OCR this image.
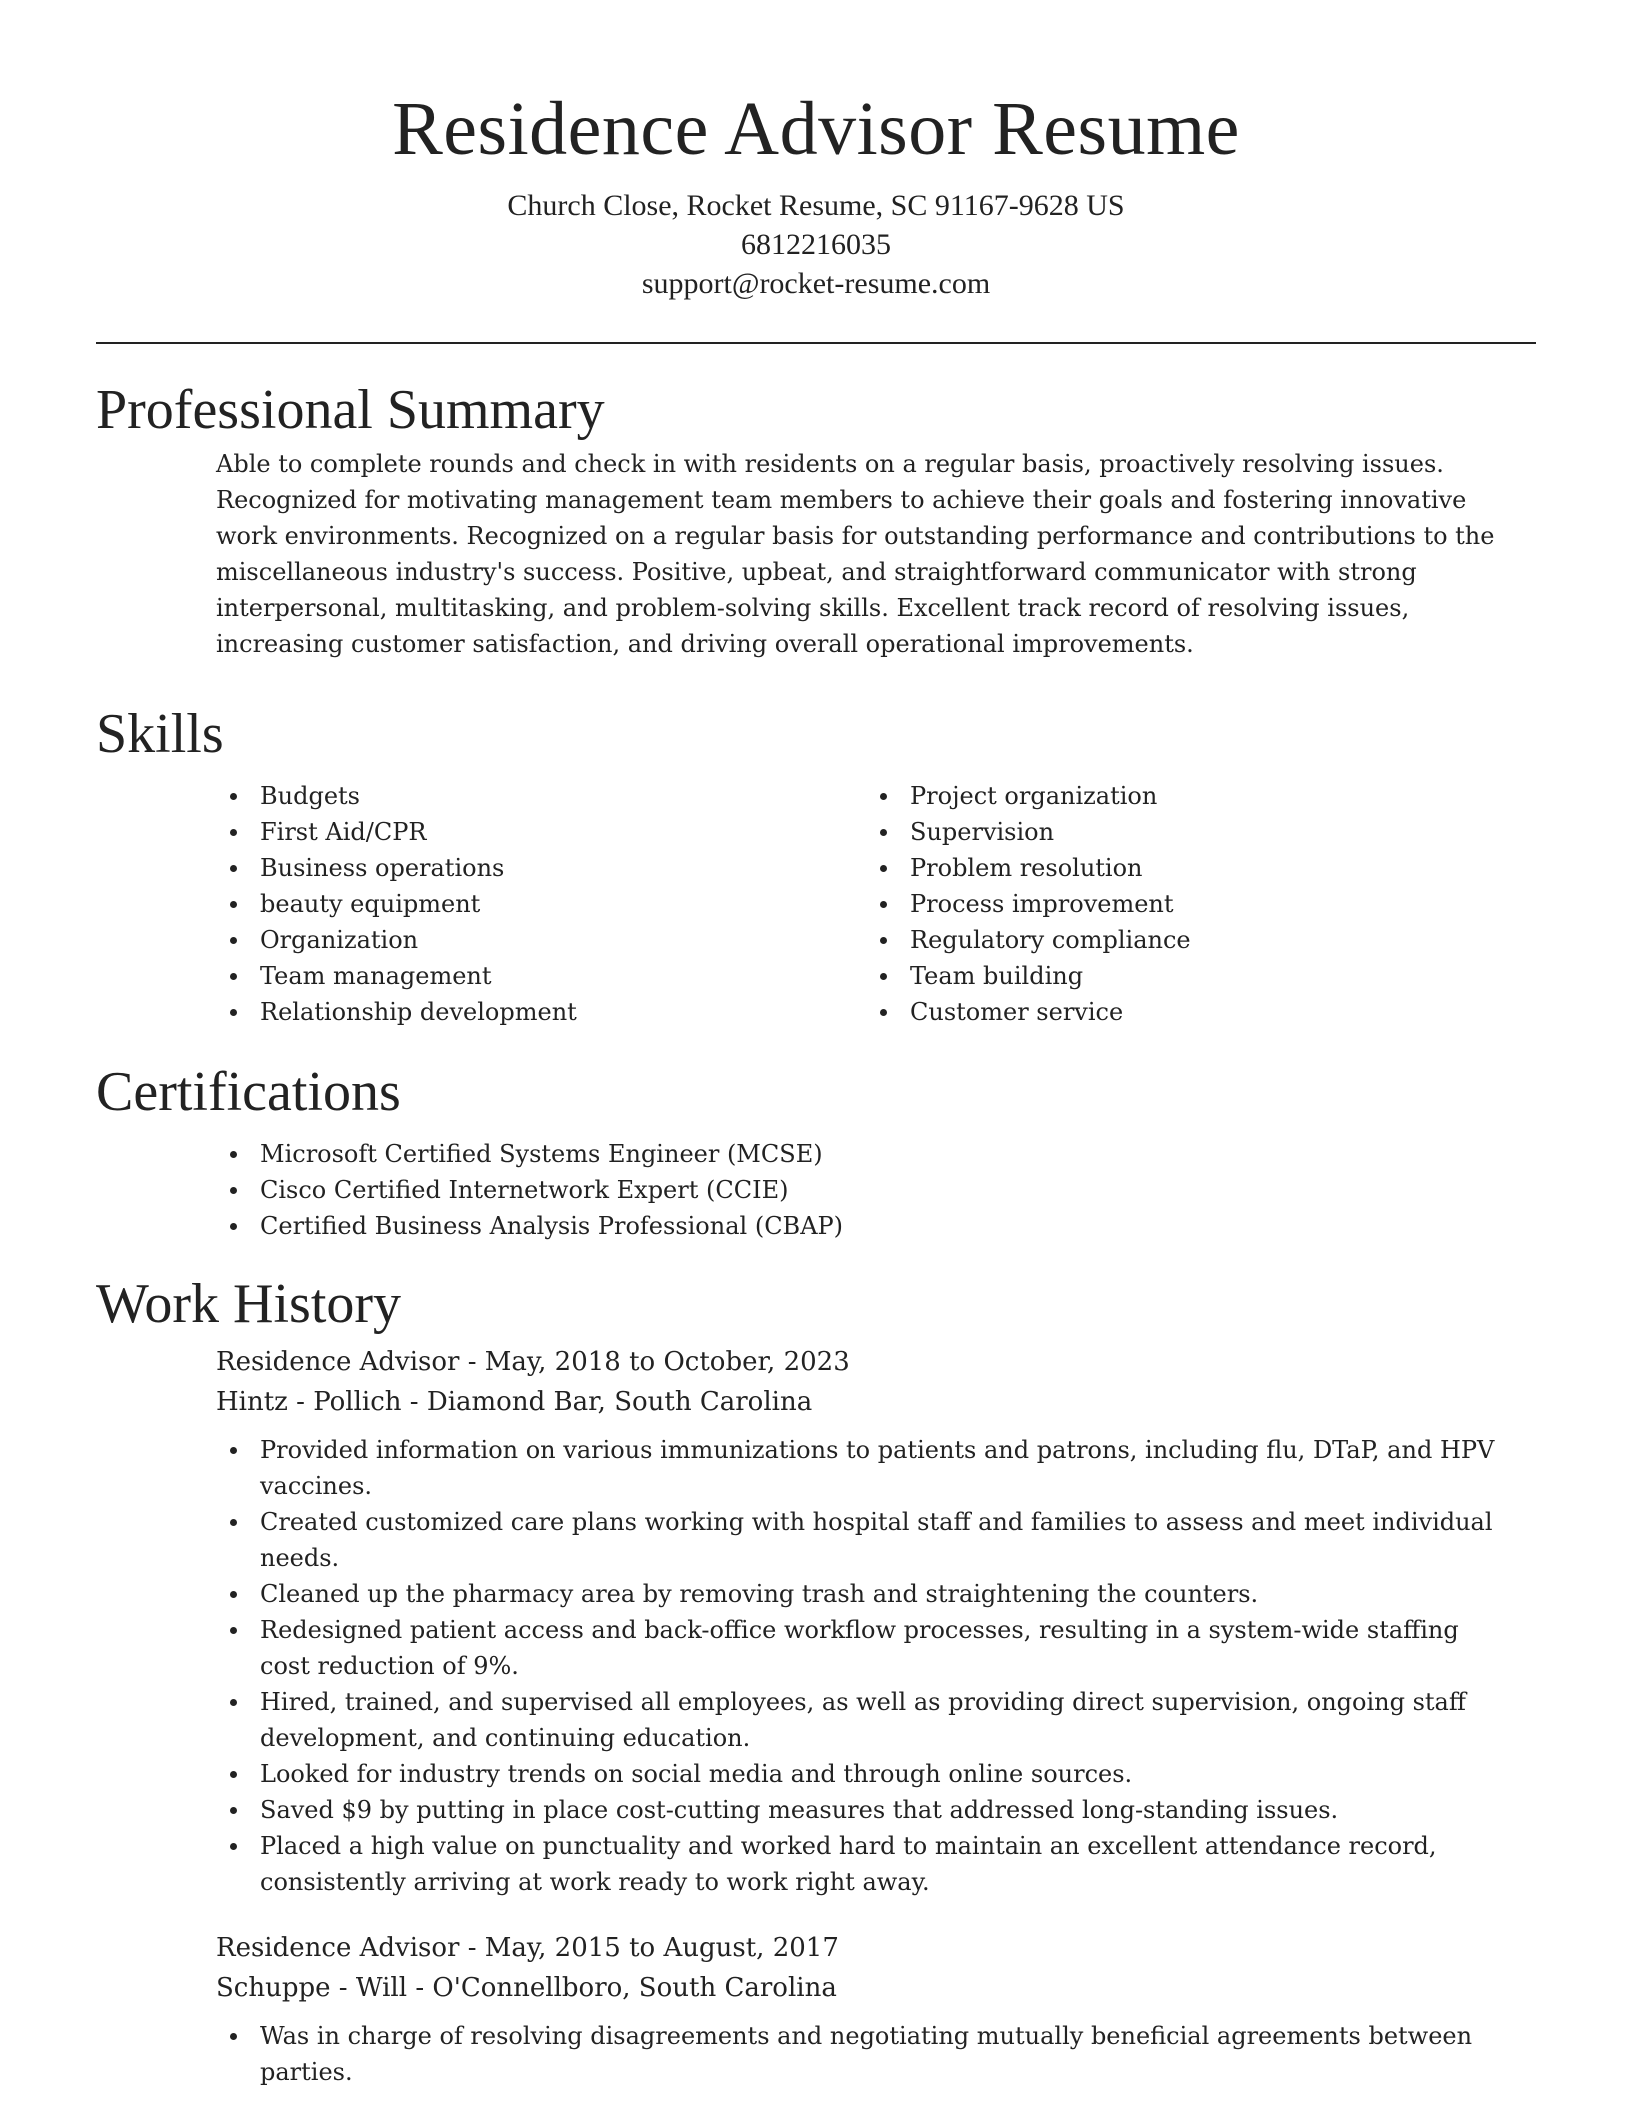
Residence Advisor Resume
Church Close, Rocket Resume, SC 91167-9628 US
6812216035
support@rocket-resume.com
Professional Summary

Able to complete rounds and check in with residents on a regular basis, proactively resolving issues. Recognized for motivating management team members to achieve their goals and fostering innovative work environments. Recognized on a regular basis for outstanding performance and contributions to the miscellaneous industry's success. Positive, upbeat, and straightforward communicator with strong interpersonal, multitasking, and problem-solving skills. Excellent track record of resolving issues, increasing customer satisfaction, and driving overall operational improvements.

Skills
Budgets
First Aid/CPR
Business operations
beauty equipment
Organization
Team management
Relationship development
Project organization
Supervision
Problem resolution
Process improvement
Regulatory compliance
Team building
Customer service
Certifications
Microsoft Certified Systems Engineer (MCSE)
Cisco Certified Internetwork Expert (CCIE)
Certified Business Analysis Professional (CBAP)
Work History
Residence Advisor - May, 2018 to October, 2023
Hintz - Pollich - Diamond Bar, South Carolina
Provided information on various immunizations to patients and patrons, including flu, DTaP, and HPV vaccines.
Created customized care plans working with hospital staff and families to assess and meet individual needs.
Cleaned up the pharmacy area by removing trash and straightening the counters.
Redesigned patient access and back-office workflow processes, resulting in a system-wide staffing cost reduction of 9%.
Hired, trained, and supervised all employees, as well as providing direct supervision, ongoing staff development, and continuing education.
Looked for industry trends on social media and through online sources.
Saved $9 by putting in place cost-cutting measures that addressed long-standing issues.
Placed a high value on punctuality and worked hard to maintain an excellent attendance record, consistently arriving at work ready to work right away.
Residence Advisor - May, 2015 to August, 2017
Schuppe - Will - O'Connellboro, South Carolina
Was in charge of resolving disagreements and negotiating mutually beneficial agreements between parties.
